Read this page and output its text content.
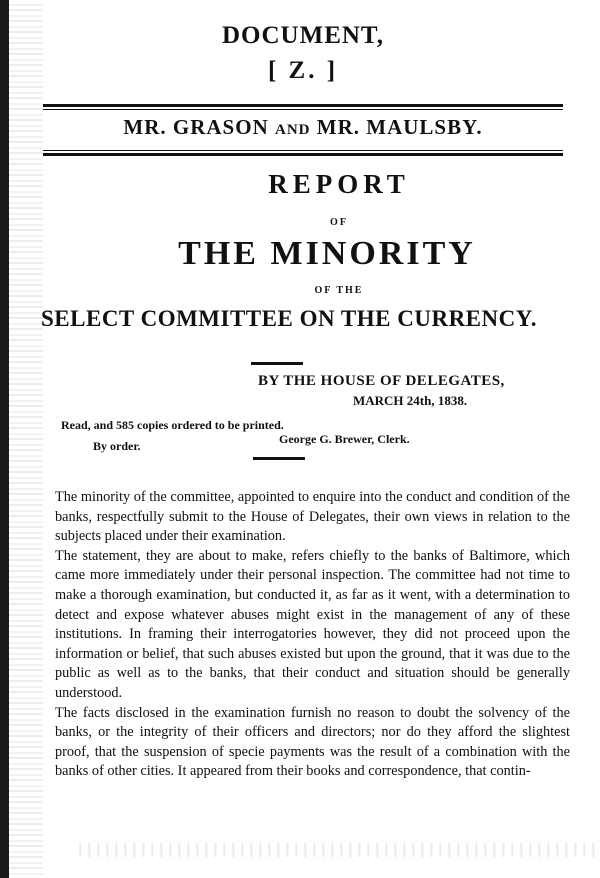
DOCUMENT,
[ Z. ]
MR. GRASON AND MR. MAULSBY.
REPORT
OF
THE MINORITY
OF THE
SELECT COMMITTEE ON THE CURRENCY.
BY THE HOUSE OF DELEGATES,
MARCH 24th, 1838.
Read, and 585 copies ordered to be printed.
By order.	George G. Brewer, Clerk.

The minority of the committee, appointed to enquire into the conduct and condition of the banks, respectfully submit to the House of Delegates, their own views in relation to the subjects placed under their examination.

The statement, they are about to make, refers chiefly to the banks of Baltimore, which came more immediately under their personal inspection. The committee had not time to make a thorough examination, but conducted it, as far as it went, with a determination to detect and expose whatever abuses might exist in the management of any of these institutions. In framing their interrogatories however, they did not proceed upon the information or belief, that such abuses existed but upon the ground, that it was due to the public as well as to the banks, that their conduct and situation should be generally understood.

The facts disclosed in the examination furnish no reason to doubt the solvency of the banks, or the integrity of their officers and directors; nor do they afford the slightest proof, that the suspension of specie payments was the result of a combination with the banks of other cities. It appeared from their books and correspondence, that contin-
